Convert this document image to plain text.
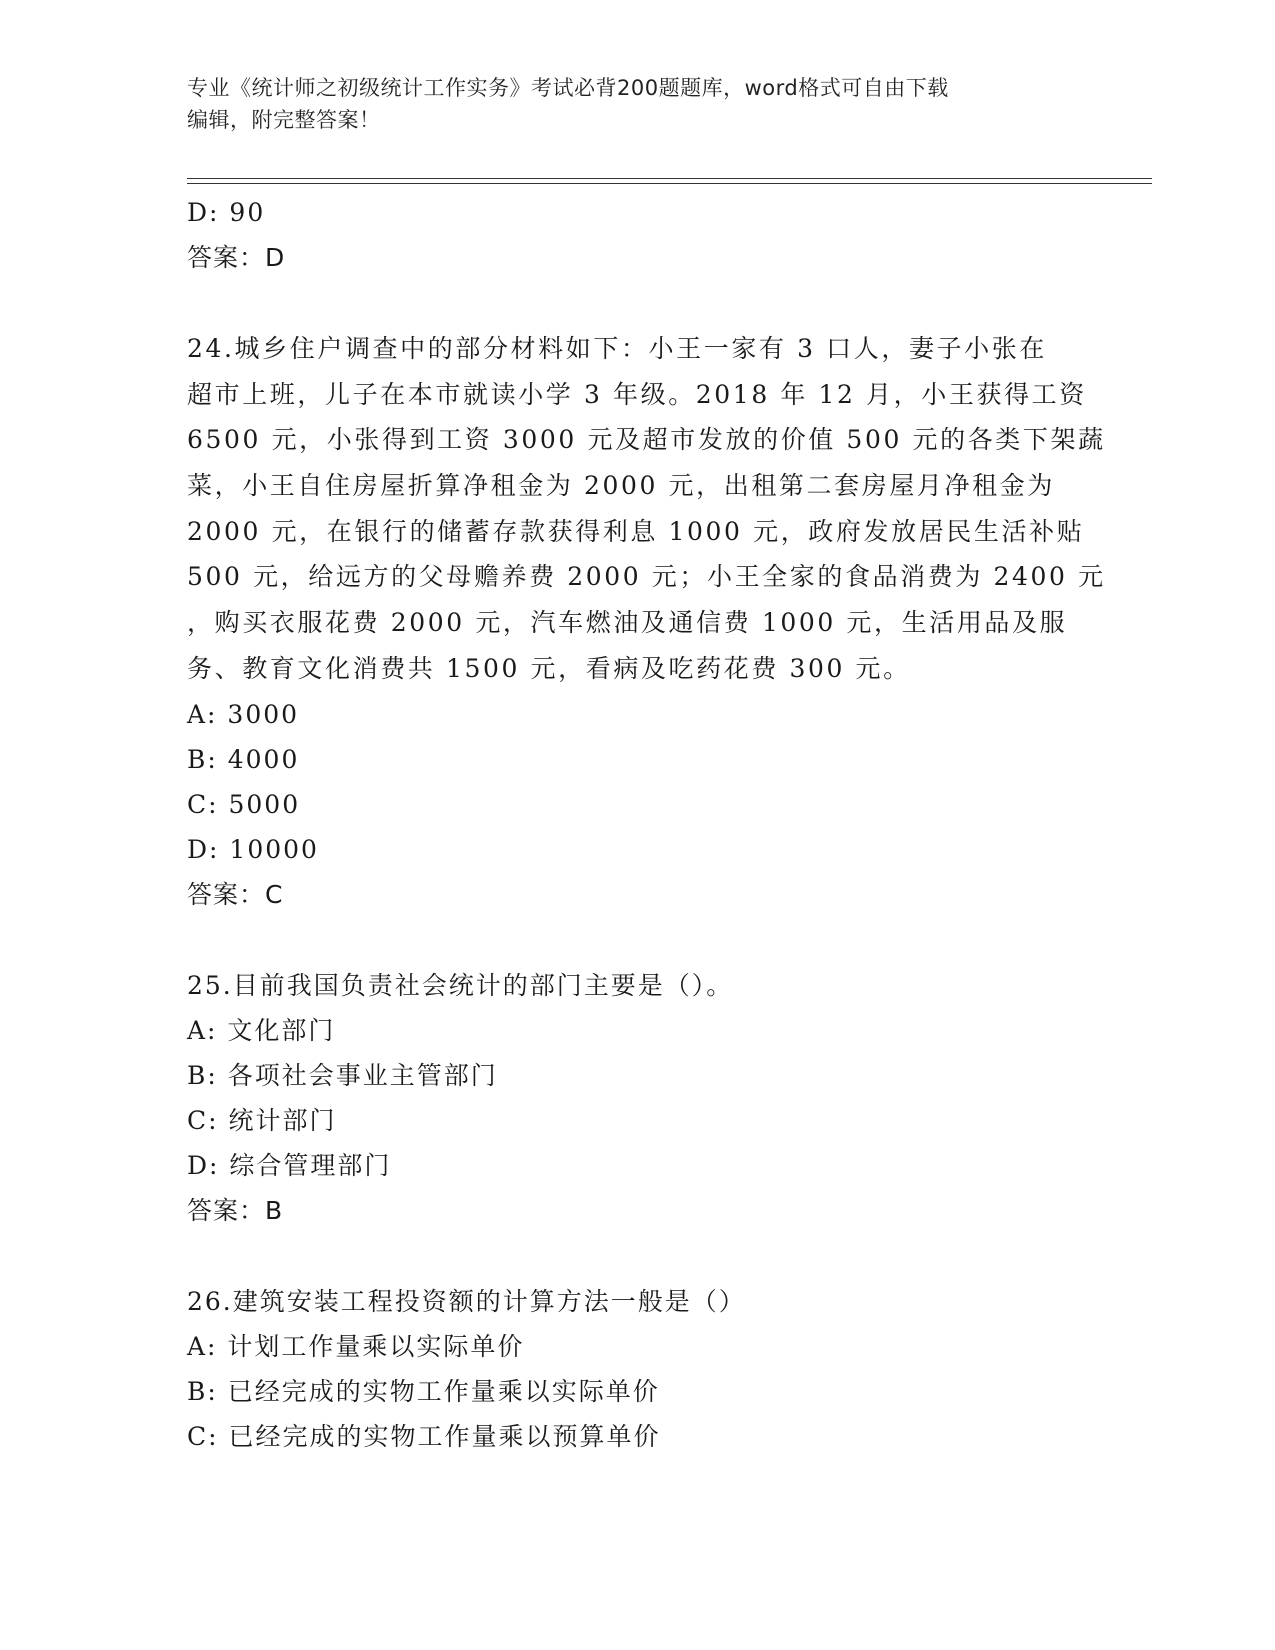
专业《统计师之初级统计工作实务》考试必背200题题库，word格式可自由下载
编辑，附完整答案！
D: 90
答案：D
24.城乡住户调查中的部分材料如下：小王一家有 3 口人，妻子小张在
超市上班，儿子在本市就读小学 3 年级。2018 年 12 月，小王获得工资
6500 元，小张得到工资 3000 元及超市发放的价值 500 元的各类下架蔬
菜，小王自住房屋折算净租金为 2000 元，出租第二套房屋月净租金为
2000 元，在银行的储蓄存款获得利息 1000 元，政府发放居民生活补贴
500 元，给远方的父母赡养费 2000 元；小王全家的食品消费为 2400 元
，购买衣服花费 2000 元，汽车燃油及通信费 1000 元，生活用品及服
务、教育文化消费共 1500 元，看病及吃药花费 300 元。
A: 3000
B: 4000
C: 5000
D: 10000
答案：C
25.目前我国负责社会统计的部门主要是（）。
A: 文化部门
B: 各项社会事业主管部门
C: 统计部门
D: 综合管理部门
答案：B
26.建筑安装工程投资额的计算方法一般是（）
A: 计划工作量乘以实际单价
B: 已经完成的实物工作量乘以实际单价
C: 已经完成的实物工作量乘以预算单价
